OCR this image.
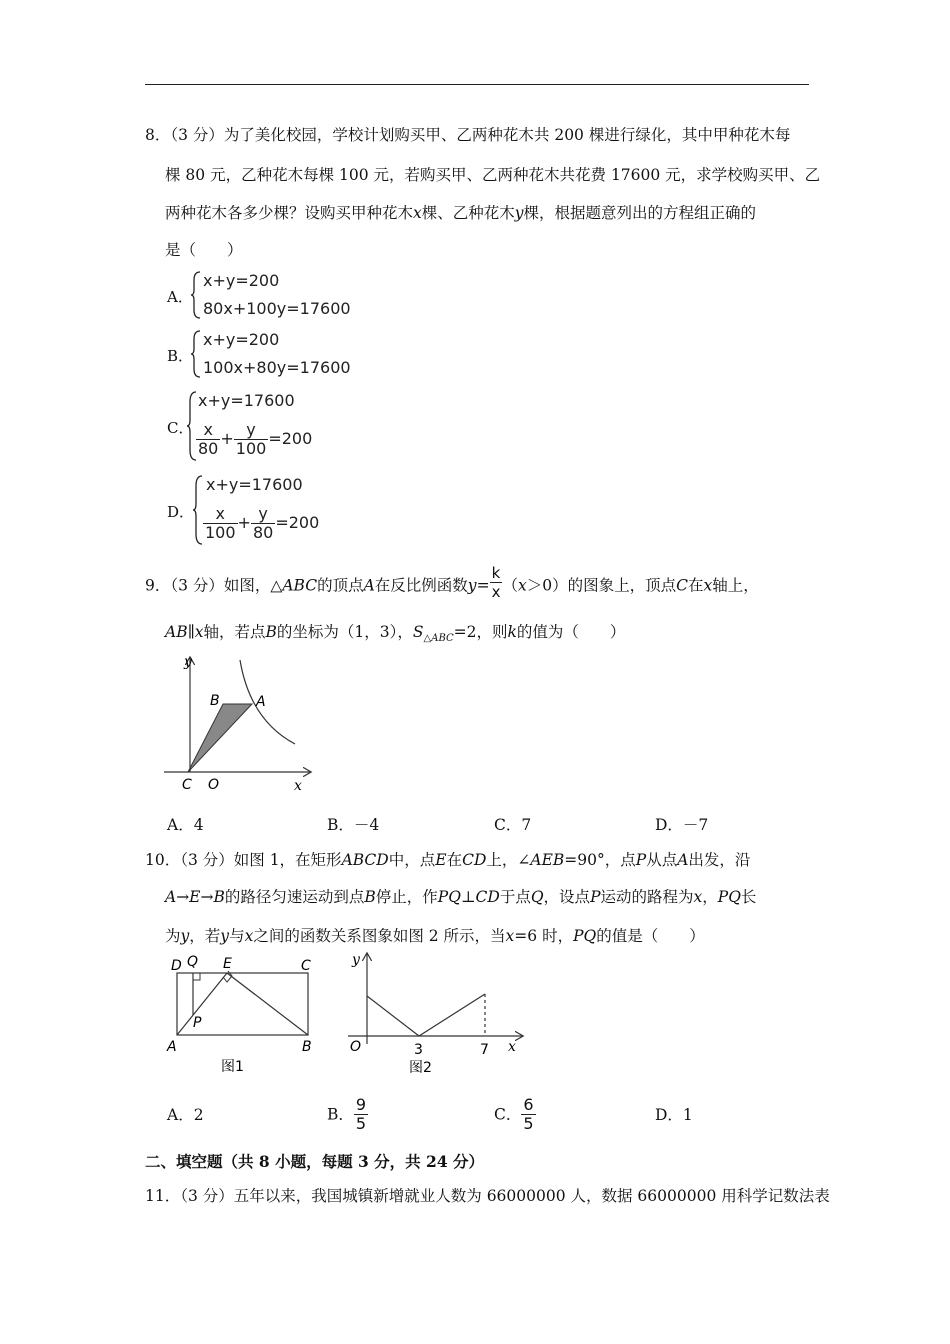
8．（3 分）为了美化校园，学校计划购买甲、乙两种花木共 200 棵进行绿化，其中甲种花木每
棵 80 元，乙种花木每棵 100 元，若购买甲、乙两种花木共花费 17600 元，求学校购买甲、乙
两种花木各多少棵？设购买甲种花木x棵、乙种花木y棵，根据题意列出的方程组正确的
是（　　）
A．
x+y=200
80x+100y=17600
B．
x+y=200
100x+80y=17600
C．
x+y=17600
$\frac{x}{80} + \frac{y}{100} =200$
D．
x+y=17600
$\frac{x}{100} + \frac{y}{80} =200$
9．（3 分）如图，△ABC的顶点A在反比例函数$y= \frac{k}{x} (x>0)$的图象上，顶点C在x轴上，
AB∥x轴，若点B的坐标为（1，3），$S_{\triangle ABC}=2$，则k的值为（　　）
y
x
B	A
C O
A．4	B．－4	C．7	D．－7
10．（3 分）如图 1，在矩形ABCD中，点E在CD上，∠AEB=90°，点P从点A出发，沿
A→E→B的路径匀速运动到点B停止，作PQ⊥CD于点Q，设点P运动的路程为x，PQ长
为y，若y与x之间的函数关系图象如图 2 所示，当x=6 时，PQ的值是（　　）
D Q E	C
P
A	B
图1
y
O	3	7 x
图2
A．2	B． $\frac{9}{5}$	C． $\frac{6}{5}$	D．1
二、填空题（共 8 小题，每题 3 分，共 24 分）
11．（3 分）五年以来，我国城镇新增就业人数为 66000000 人，数据 66000000 用科学记数法表
